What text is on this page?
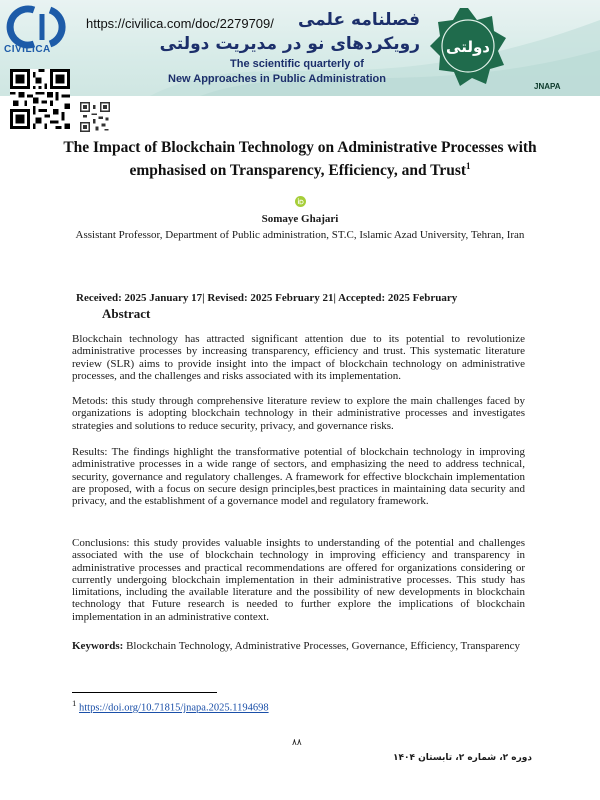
CIVILICA
https://civilica.com/doc/2279709/ فصلنامه علمی
رویکردهای نو در مدیریت دولتی
The scientific quarterly of
New Approaches in Public Administration
دولتی
JNAPA
The Impact of Blockchain Technology on Administrative Processes with emphasised on Transparency, Efficiency, and Trust$^1$
Somaye Ghajari
Assistant Professor, Department of Public administration, ST.C, Islamic Azad University, Tehran, Iran
Received: 2025 January 17| Revised: 2025 February 21| Accepted: 2025 February
Abstract
Blockchain technology has attracted significant attention due to its potential to revolutionize administrative processes by increasing transparency, efficiency and trust. This systematic literature review (SLR) aims to provide insight into the impact of blockchain technology on administrative processes, and the challenges and risks associated with its implementation.
Metods: this study through comprehensive literature review to explore the main challenges faced by organizations is adopting blockchain technology in their administrative processes and investigates strategies and solutions to reduce security, privacy, and governance risks.
Results: The findings highlight the transformative potential of blockchain technology in improving administrative processes in a wide range of sectors, and emphasizing the need to address technical, security, governance and regulatory challenges. A framework for effective blockchain implementation are proposed, with a focus on secure design principles,best practices in maintaining data security and privacy, and the establishment of a governance model and regulatory framework.
Conclusions: this study provides valuable insights to understanding of the potential and challenges associated with the use of blockchain technology in improving efficiency and transparency in administrative processes and practical recommendations are offered for organizations considering or currently undergoing blockchain implementation in their administrative processes. This study has limitations, including the available literature and the possibility of new developments in blockchain technology that Future research is needed to further explore the implications of blockchain implementation in an administrative context.
Keywords: Blockchain Technology, Administrative Processes, Governance, Efficiency, Transparency
$^1$ https://doi.org/10.71815/jnapa.2025.1194698
۸۸
دوره ۲، شماره ۲، تابستان ۱۴۰۴
